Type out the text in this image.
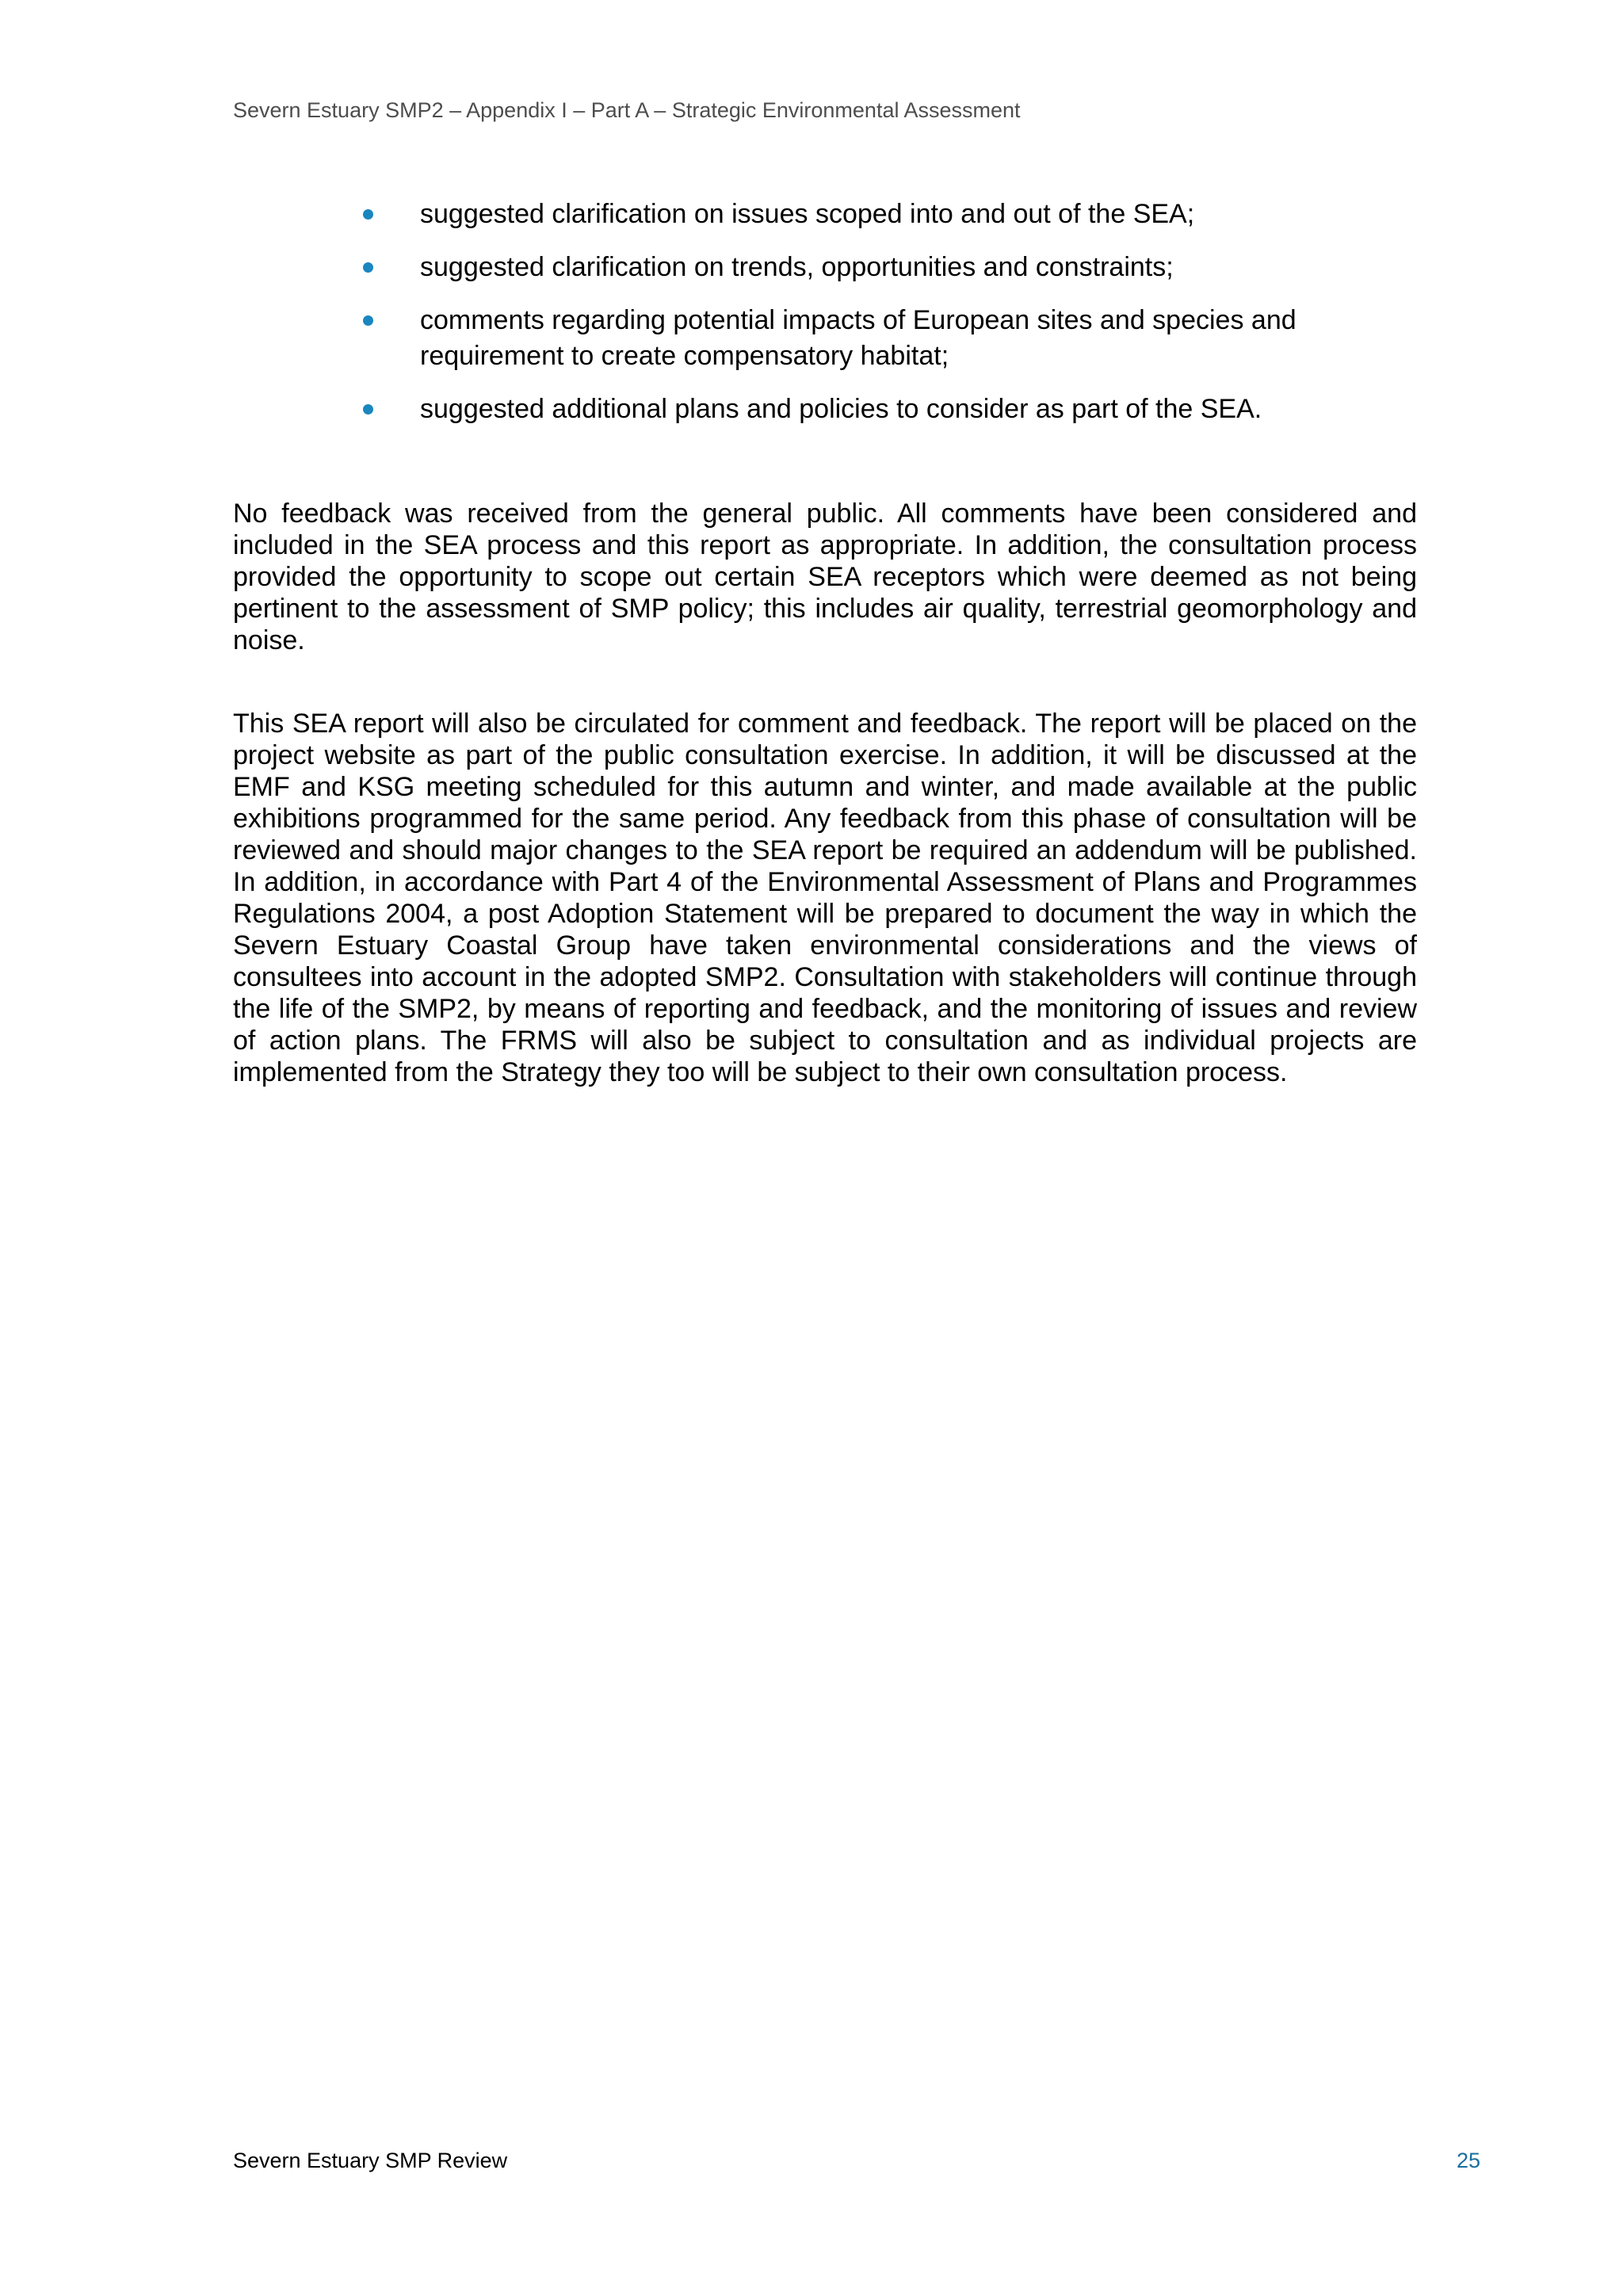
Severn Estuary SMP2 – Appendix I – Part A – Strategic Environmental Assessment
suggested clarification on issues scoped into and out of the SEA;
suggested clarification on trends, opportunities and constraints;
comments regarding potential impacts of European sites and species and requirement to create compensatory habitat;
suggested additional plans and policies to consider as part of the SEA.

No feedback was received from the general public. All comments have been considered and included in the SEA process and this report as appropriate. In addition, the consultation process provided the opportunity to scope out certain SEA receptors which were deemed as not being pertinent to the assessment of SMP policy; this includes air quality, terrestrial geomorphology and noise.

This SEA report will also be circulated for comment and feedback. The report will be placed on the project website as part of the public consultation exercise. In addition, it will be discussed at the EMF and KSG meeting scheduled for this autumn and winter, and made available at the public exhibitions programmed for the same period. Any feedback from this phase of consultation will be reviewed and should major changes to the SEA report be required an addendum will be published. In addition, in accordance with Part 4 of the Environmental Assessment of Plans and Programmes Regulations 2004, a post Adoption Statement will be prepared to document the way in which the Severn Estuary Coastal Group have taken environmental considerations and the views of consultees into account in the adopted SMP2. Consultation with stakeholders will continue through the life of the SMP2, by means of reporting and feedback, and the monitoring of issues and review of action plans. The FRMS will also be subject to consultation and as individual projects are implemented from the Strategy they too will be subject to their own consultation process.

Severn Estuary SMP Review	25
